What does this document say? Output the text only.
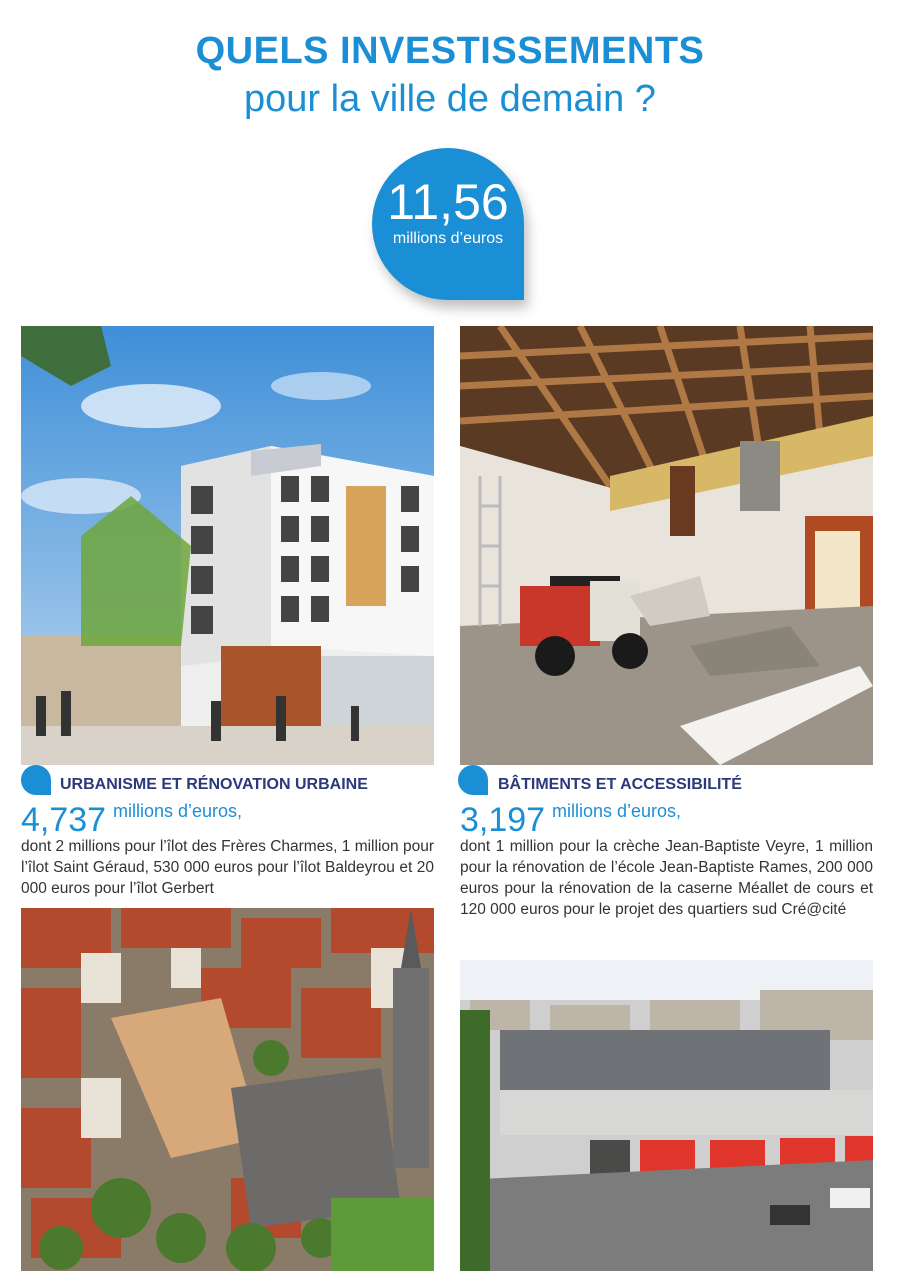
QUELS INVESTISSEMENTS
pour la ville de demain ?
11,56
millions d’euros
URBANISME ET RÉNOVATION URBAINE
4,737 millions d’euros,
dont 2 millions pour l’îlot des Frères Charmes, 1 million pour l’îlot Saint Géraud, 530 000 euros pour l’îlot Baldeyrou et 20 000 euros pour l’îlot Gerbert
BÂTIMENTS ET ACCESSIBILITÉ
3,197 millions d’euros,
dont 1 million pour la crèche Jean-Baptiste Veyre, 1 million pour la rénovation de l’école Jean-Baptiste Rames, 200 000 euros pour la rénovation de la caserne Méallet de cours et 120 000 euros pour le projet des quartiers sud Cré@cité
